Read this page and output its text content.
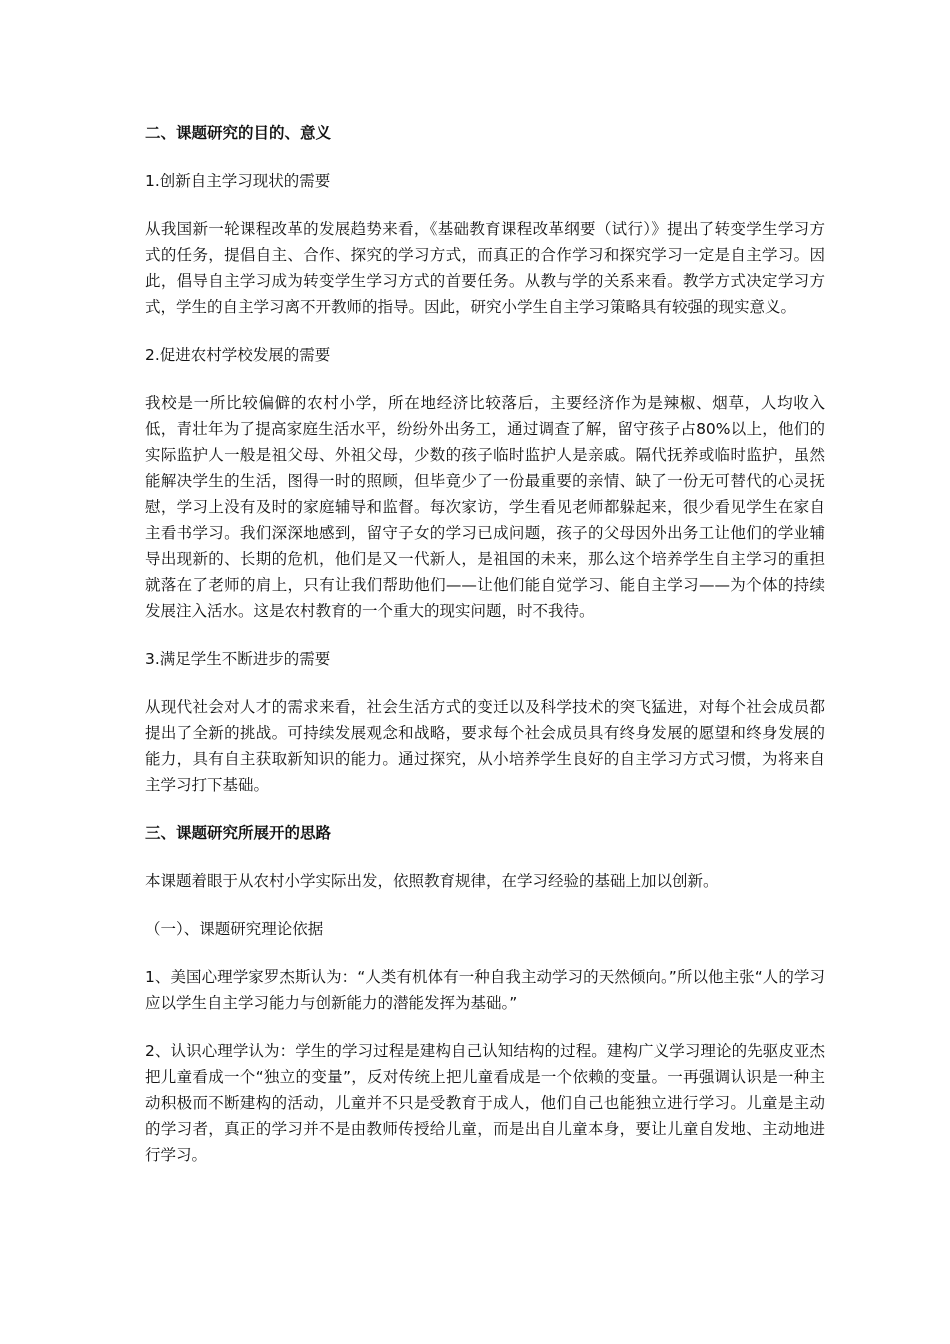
二、课题研究的目的、意义

1.创新自主学习现状的需要

从我国新一轮课程改革的发展趋势来看，《基础教育课程改革纲要（试行）》提出了转变学生学习方式的任务，提倡自主、合作、探究的学习方式，而真正的合作学习和探究学习一定是自主学习。因此，倡导自主学习成为转变学生学习方式的首要任务。从教与学的关系来看。教学方式决定学习方式，学生的自主学习离不开教师的指导。因此，研究小学生自主学习策略具有较强的现实意义。

2.促进农村学校发展的需要

我校是一所比较偏僻的农村小学，所在地经济比较落后，主要经济作为是辣椒、烟草，人均收入低，青壮年为了提高家庭生活水平，纷纷外出务工，通过调查了解，留守孩子占80%以上，他们的实际监护人一般是祖父母、外祖父母，少数的孩子临时监护人是亲戚。隔代抚养或临时监护，虽然能解决学生的生活，图得一时的照顾，但毕竟少了一份最重要的亲情、缺了一份无可替代的心灵抚慰，学习上没有及时的家庭辅导和监督。每次家访，学生看见老师都躲起来，很少看见学生在家自主看书学习。我们深深地感到，留守子女的学习已成问题，孩子的父母因外出务工让他们的学业辅导出现新的、长期的危机，他们是又一代新人，是祖国的未来，那么这个培养学生自主学习的重担就落在了老师的肩上，只有让我们帮助他们——让他们能自觉学习、能自主学习——为个体的持续发展注入活水。这是农村教育的一个重大的现实问题，时不我待。

3.满足学生不断进步的需要

从现代社会对人才的需求来看，社会生活方式的变迁以及科学技术的突飞猛进，对每个社会成员都提出了全新的挑战。可持续发展观念和战略，要求每个社会成员具有终身发展的愿望和终身发展的能力，具有自主获取新知识的能力。通过探究，从小培养学生良好的自主学习方式习惯，为将来自主学习打下基础。

三、课题研究所展开的思路

本课题着眼于从农村小学实际出发，依照教育规律，在学习经验的基础上加以创新。

（一）、课题研究理论依据

1、美国心理学家罗杰斯认为：“人类有机体有一种自我主动学习的天然倾向。”所以他主张“人的学习应以学生自主学习能力与创新能力的潜能发挥为基础。”

2、认识心理学认为：学生的学习过程是建构自己认知结构的过程。建构广义学习理论的先驱皮亚杰把儿童看成一个“独立的变量”，反对传统上把儿童看成是一个依赖的变量。一再强调认识是一种主动积极而不断建构的活动，儿童并不只是受教育于成人，他们自己也能独立进行学习。儿童是主动的学习者，真正的学习并不是由教师传授给儿童，而是出自儿童本身，要让儿童自发地、主动地进行学习。
